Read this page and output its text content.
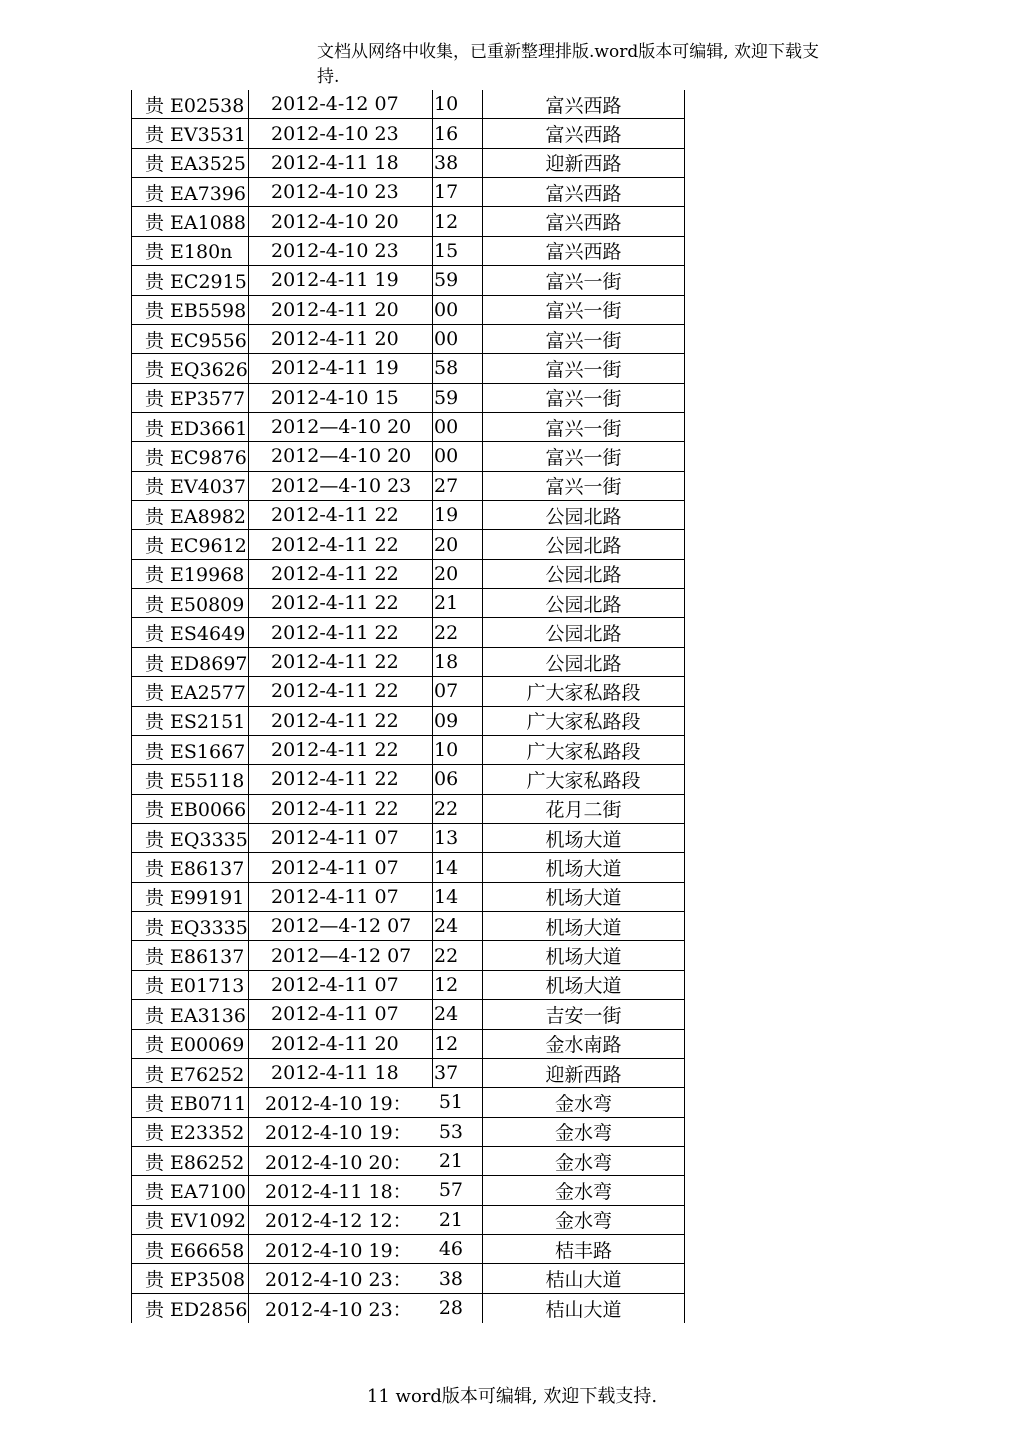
文档从网络中收集，已重新整理排版.word版本可编辑, 欢迎下载支
持.
贵 E02538	2012-4-12 07	10	富兴西路
贵 EV3531	2012-4-10 23	16	富兴西路
贵 EA3525	2012-4-11 18	38	迎新西路
贵 EA7396	2012-4-10 23	17	富兴西路
贵 EA1088	2012-4-10 20	12	富兴西路
贵 E180n	2012-4-10 23	15	富兴西路
贵 EC2915	2012-4-11 19	59	富兴一街
贵 EB5598	2012-4-11 20	00	富兴一街
贵 EC9556	2012-4-11 20	00	富兴一街
贵 EQ3626	2012-4-11 19	58	富兴一街
贵 EP3577	2012-4-10 15	59	富兴一街
贵 ED3661	2012—4-10 20	00	富兴一街
贵 EC9876	2012—4-10 20	00	富兴一街
贵 EV4037	2012—4-10 23	27	富兴一街
贵 EA8982	2012-4-11 22	19	公园北路
贵 EC9612	2012-4-11 22	20	公园北路
贵 E19968	2012-4-11 22	20	公园北路
贵 E50809	2012-4-11 22	21	公园北路
贵 ES4649	2012-4-11 22	22	公园北路
贵 ED8697	2012-4-11 22	18	公园北路
贵 EA2577	2012-4-11 22	07	广大家私路段
贵 ES2151	2012-4-11 22	09	广大家私路段
贵 ES1667	2012-4-11 22	10	广大家私路段
贵 E55118	2012-4-11 22	06	广大家私路段
贵 EB0066	2012-4-11 22	22	花月二街
贵 EQ3335	2012-4-11 07	13	机场大道
贵 E86137	2012-4-11 07	14	机场大道
贵 E99191	2012-4-11 07	14	机场大道
贵 EQ3335	2012—4-12 07	24	机场大道
贵 E86137	2012—4-12 07	22	机场大道
贵 E01713	2012-4-11 07	12	机场大道
贵 EA3136	2012-4-11 07	24	吉安一街
贵 E00069	2012-4-11 20	12	金水南路
贵 E76252	2012-4-11 18	37	迎新西路
贵 EB0711 2012-4-10 19：	51	金水弯
贵 E23352	2012-4-10 19：	53	金水弯
贵 E86252	2012-4-10 20：	21	金水弯
贵 EA7100	2012-4-11 18：	57	金水弯
贵 EV1092	2012-4-12 12：	21	金水弯
贵 E66658	2012-4-10 19：	46	桔丰路
贵 EP3508	2012-4-10 23：	38	桔山大道
贵 ED2856 2012-4-10 23：	28	桔山大道
11 word版本可编辑, 欢迎下载支持.
